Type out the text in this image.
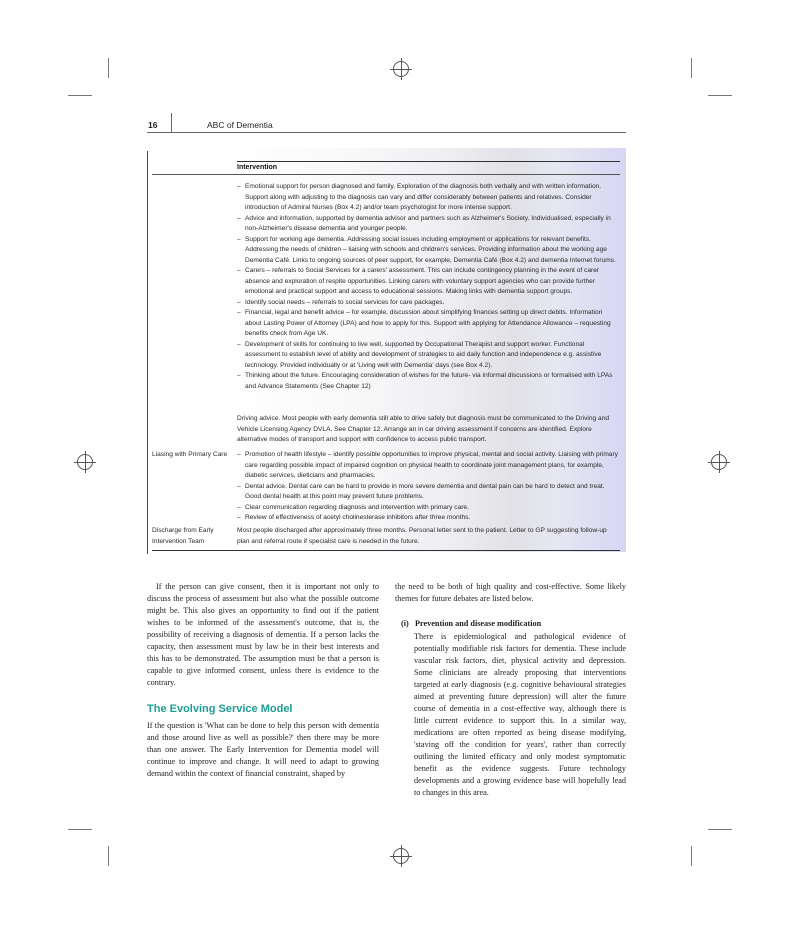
16	ABC of Dementia
Intervention
– Emotional support for person diagnosed and family. Exploration of the diagnosis both verbally and with written information. Support along with adjusting to the diagnosis can vary and differ considerably between patients and relatives. Consider introduction of Admiral Nurses (Box 4.2) and/or team psychologist for more intense support.
– Advice and information, supported by dementia advisor and partners such as Alzheimer's Society. Individualised, especially in non-Alzheimer's disease dementia and younger people.
– Support for working age dementia. Addressing social issues including employment or applications for relevant benefits. Addressing the needs of children – liaising with schools and children's services. Providing information about the working age Dementia Café. Links to ongoing sources of peer support, for example, Dementia Café (Box 4.2) and dementia Internet forums.
– Carers – referrals to Social Services for a carers' assessment. This can include contingency planning in the event of carer absence and exploration of respite opportunities. Linking carers with voluntary support agencies who can provide further emotional and practical support and access to educational sessions. Making links with dementia support groups.
– Identify social needs – referrals to social services for care packages.
– Financial, legal and benefit advice – for example, discussion about simplifying finances setting up direct debits. Information about Lasting Power of Attorney (LPA) and how to apply for this. Support with applying for Attendance Allowance – requesting benefits check from Age UK.
– Development of skills for continuing to live well, supported by Occupational Therapist and support worker. Functional assessment to establish level of ability and development of strategies to aid daily function and independence e.g. assistive technology. Provided individually or at 'Living well with Dementia' days (see Box 4.2).
– Thinking about the future. Encouraging consideration of wishes for the future- via informal discussions or formalised with LPAs and Advance Statements (See Chapter 12)

Driving advice. Most people with early dementia still able to drive safely but diagnosis must be communicated to the Driving and Vehicle Licensing Agency DVLA. See Chapter 12. Arrange an in car driving assessment if concerns are identified. Explore alternative modes of transport and support with confidence to access public transport.

Liasing with Primary Care

–	Promotion of health lifestyle – identify possible opportunities to improve physical, mental and social activity. Liaising with primary care regarding possible impact of impaired cognition on physical health to coordinate joint management plans, for example, diabetic services, dieticians and pharmacies.
– Dental advice. Dental care can be hard to provide in more severe dementia and dental pain can be hard to detect and treat. Good dental health at this point may prevent future problems.
– Clear communication regarding diagnosis and intervention with primary care.
– Review of effectiveness of acetyl cholinesterase inhibitors after three months.

Discharge from Early Intervention Team

Most people discharged after approximately three months. Personal letter sent to the patient. Letter to GP suggesting follow-up plan and referral route if specialist care is needed in the future.

If the person can give consent, then it is important not only to discuss the process of assessment but also what the possible outcome might be. This also gives an opportunity to find out if the patient wishes to be informed of the assessment's outcome, that is, the possibility of receiving a diagnosis of dementia. If a person lacks the capacity, then assessment must by law be in their best interests and this has to be demonstrated. The assumption must be that a person is capable to give informed consent, unless there is evidence to the contrary.

The Evolving Service Model

If the question is 'What can be done to help this person with dementia and those around live as well as possible?' then there may be more than one answer. The Early Intervention for Dementia model will continue to improve and change. It will need to adapt to growing demand within the context of financial constraint, shaped by

the need to be both of high quality and cost-effective. Some likely themes for future debates are listed below.

(i) Prevention and disease modification

There is epidemiological and pathological evidence of potentially modifiable risk factors for dementia. These include vascular risk factors, diet, physical activity and depression. Some clinicians are already proposing that interventions targeted at early diagnosis (e.g. cognitive behavioural strategies aimed at preventing future depression) will alter the future course of dementia in a cost-effective way, although there is little current evidence to support this. In a similar way, medications are often reported as being disease modifying, 'staving off the condition for years', rather than correctly outlining the limited efficacy and only modest symptomatic benefit as the evidence suggests. Future technology developments and a growing evidence base will hopefully lead to changes in this area.
